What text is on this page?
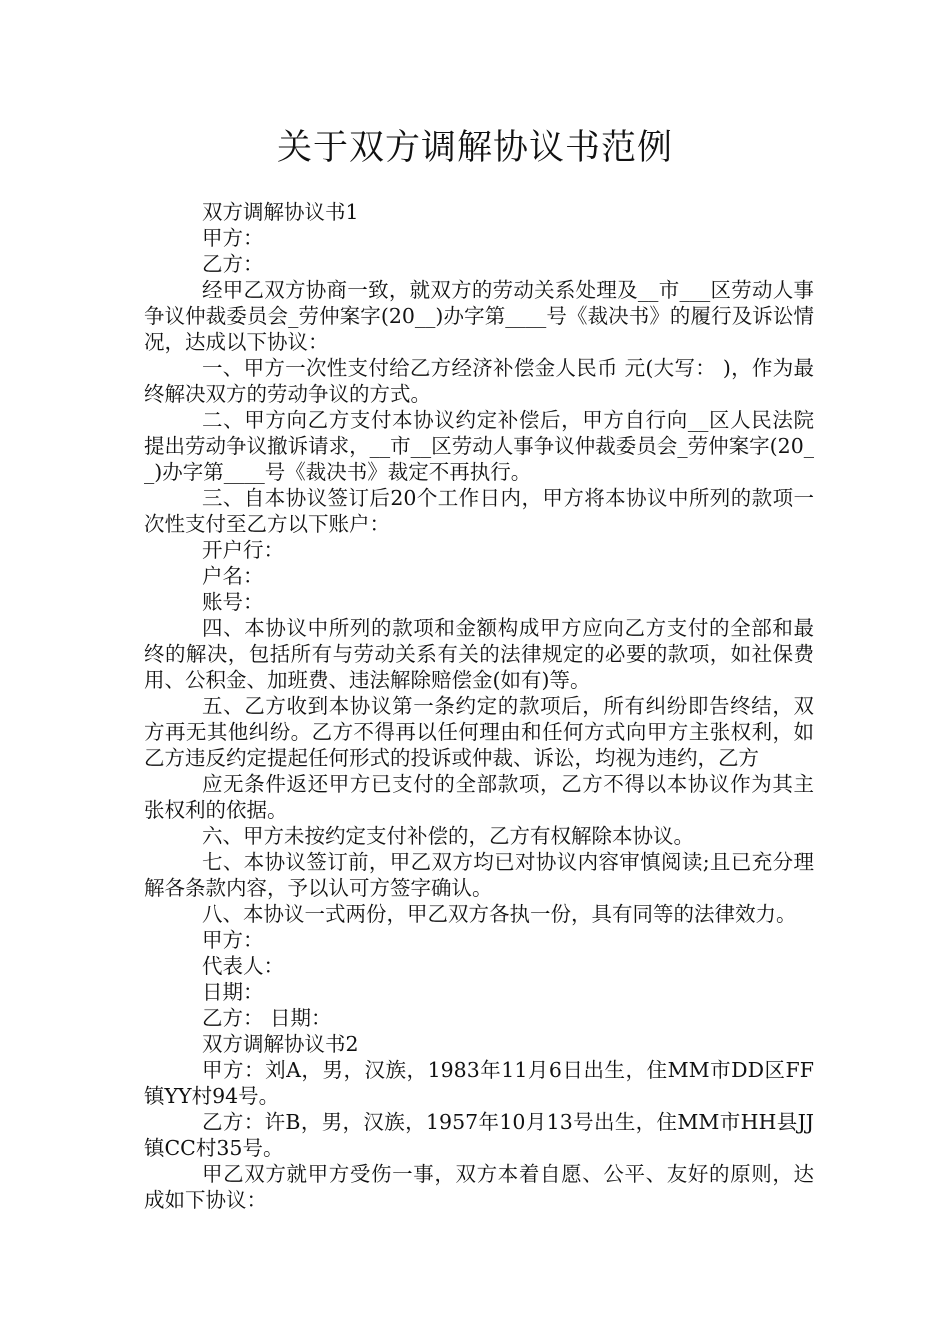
关于双方调解协议书范例

双方调解协议书1

甲方：

乙方：

经甲乙双方协商一致，就双方的劳动关系处理及__市___区劳动人事争议仲裁委员会_劳仲案字(20__)办字第____号《裁决书》的履行及诉讼情况，达成以下协议：

一、甲方一次性支付给乙方经济补偿金人民币 元(大写： )，作为最终解决双方的劳动争议的方式。

二、甲方向乙方支付本协议约定补偿后，甲方自行向__区人民法院提出劳动争议撤诉请求，__市__区劳动人事争议仲裁委员会_劳仲案字(20__)办字第____号《裁决书》裁定不再执行。

三、自本协议签订后20个工作日内，甲方将本协议中所列的款项一次性支付至乙方以下账户：

开户行：

户名：

账号：

四、本协议中所列的款项和金额构成甲方应向乙方支付的全部和最终的解决，包括所有与劳动关系有关的法律规定的必要的款项，如社保费用、公积金、加班费、违法解除赔偿金(如有)等。

五、乙方收到本协议第一条约定的款项后，所有纠纷即告终结，双方再无其他纠纷。乙方不得再以任何理由和任何方式向甲方主张权利，如乙方违反约定提起任何形式的投诉或仲裁、诉讼，均视为违约，乙方

应无条件返还甲方已支付的全部款项，乙方不得以本协议作为其主张权利的依据。

六、甲方未按约定支付补偿的，乙方有权解除本协议。

七、本协议签订前，甲乙双方均已对协议内容审慎阅读;且已充分理解各条款内容，予以认可方签字确认。

八、本协议一式两份，甲乙双方各执一份，具有同等的法律效力。

甲方：

代表人：

日期：

乙方： 日期：

双方调解协议书2

甲方：刘A，男，汉族，1983年11月6日出生，住MM市DD区FF镇YY村94号。

乙方：许B，男，汉族，1957年10月13号出生，住MM市HH县JJ镇CC村35号。

甲乙双方就甲方受伤一事，双方本着自愿、公平、友好的原则，达成如下协议：
